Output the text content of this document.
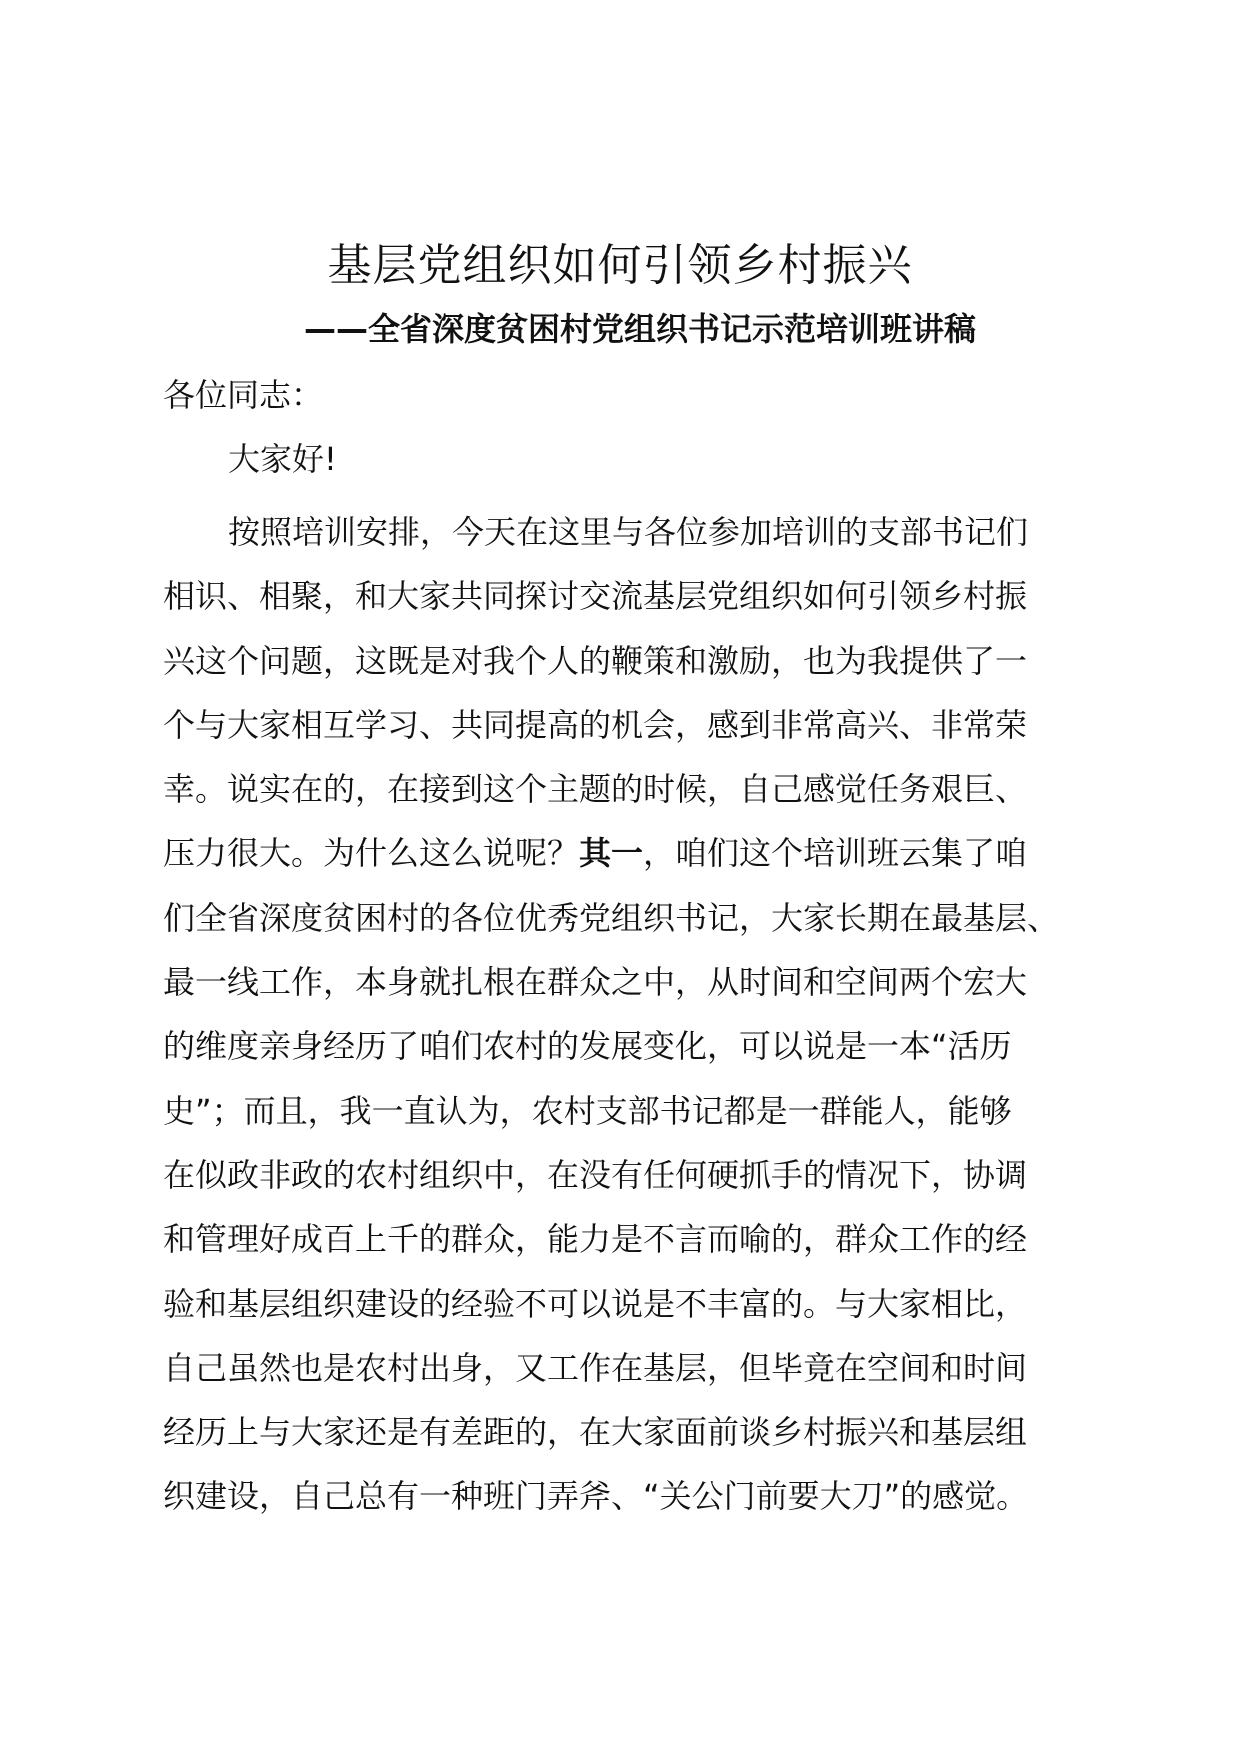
基层党组织如何引领乡村振兴
——全省深度贫困村党组织书记示范培训班讲稿

各位同志：

大家好!

按照培训安排，今天在这里与各位参加培训的支部书记们
相识、相聚，和大家共同探讨交流基层党组织如何引领乡村振
兴这个问题，这既是对我个人的鞭策和激励，也为我提供了一
个与大家相互学习、共同提高的机会，感到非常高兴、非常荣
幸。说实在的，在接到这个主题的时候，自己感觉任务艰巨、
压力很大。为什么这么说呢？其一，咱们这个培训班云集了咱
们全省深度贫困村的各位优秀党组织书记，大家长期在最基层、
最一线工作，本身就扎根在群众之中，从时间和空间两个宏大
的维度亲身经历了咱们农村的发展变化，可以说是一本“活历
史”；而且，我一直认为，农村支部书记都是一群能人，能够
在似政非政的农村组织中，在没有任何硬抓手的情况下，协调
和管理好成百上千的群众，能力是不言而喻的，群众工作的经
验和基层组织建设的经验不可以说是不丰富的。与大家相比，
自己虽然也是农村出身，又工作在基层，但毕竟在空间和时间
经历上与大家还是有差距的，在大家面前谈乡村振兴和基层组
织建设，自己总有一种班门弄斧、“关公门前要大刀”的感觉。
